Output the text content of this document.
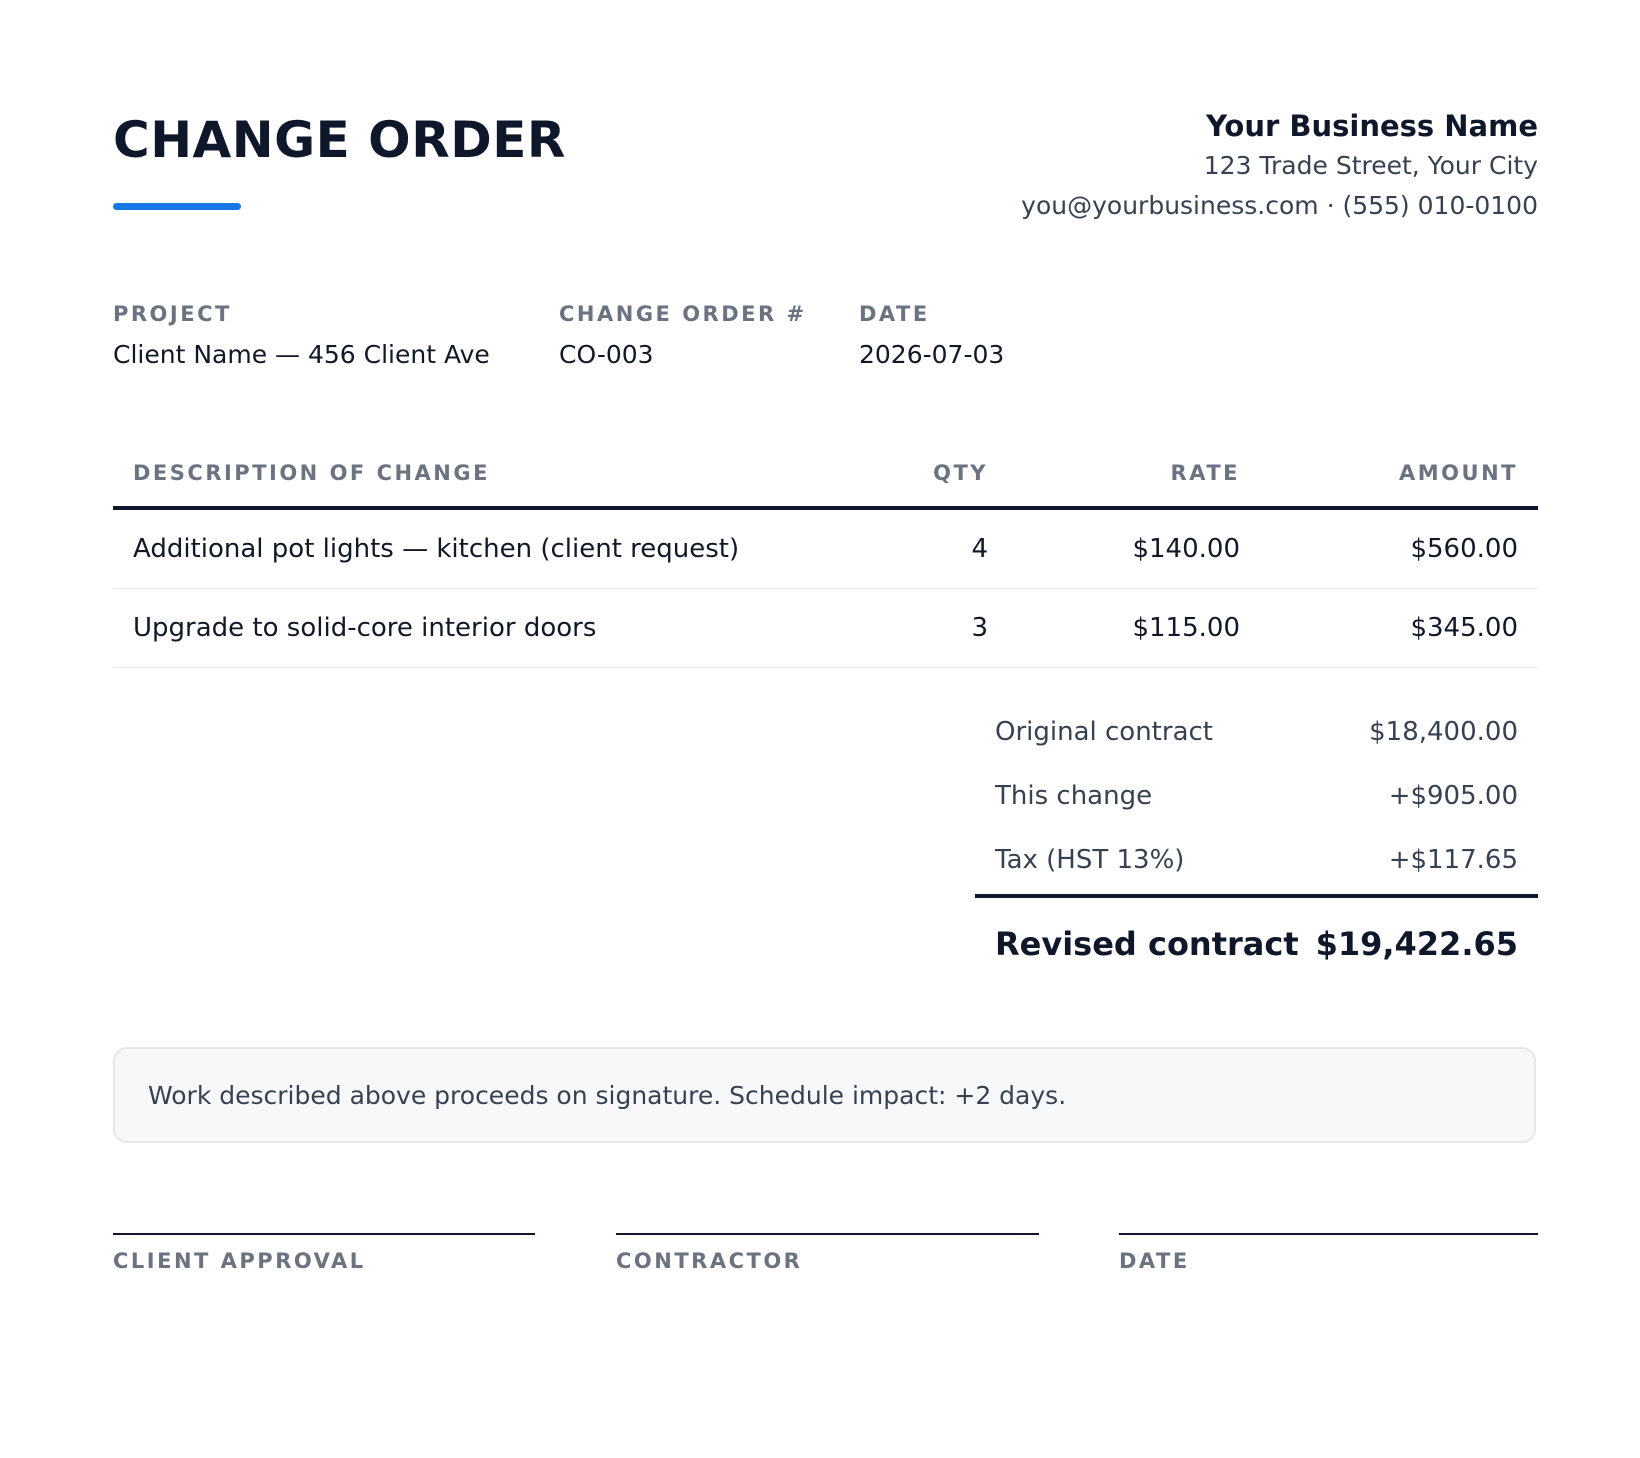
CHANGE ORDER	Your Business Name
123 Trade Street, Your City
you@yourbusiness.com · (555) 010-0100
PROJECT
Client Name — 456 Client Ave
CHANGE ORDER #
CO-003
DATE
2026-07-03
DESCRIPTION OF CHANGE	QTY	RATE	AMOUNT
Additional pot lights — kitchen (client request)	4	$140.00	$560.00
Upgrade to solid-core interior doors	3	$115.00	$345.00
Original contract	$18,400.00
This change	+$905.00
Tax (HST 13%)	+$117.65
Revised contract $19,422.65
Work described above proceeds on signature. Schedule impact: +2 days.
CLIENT APPROVAL	CONTRACTOR	DATE
